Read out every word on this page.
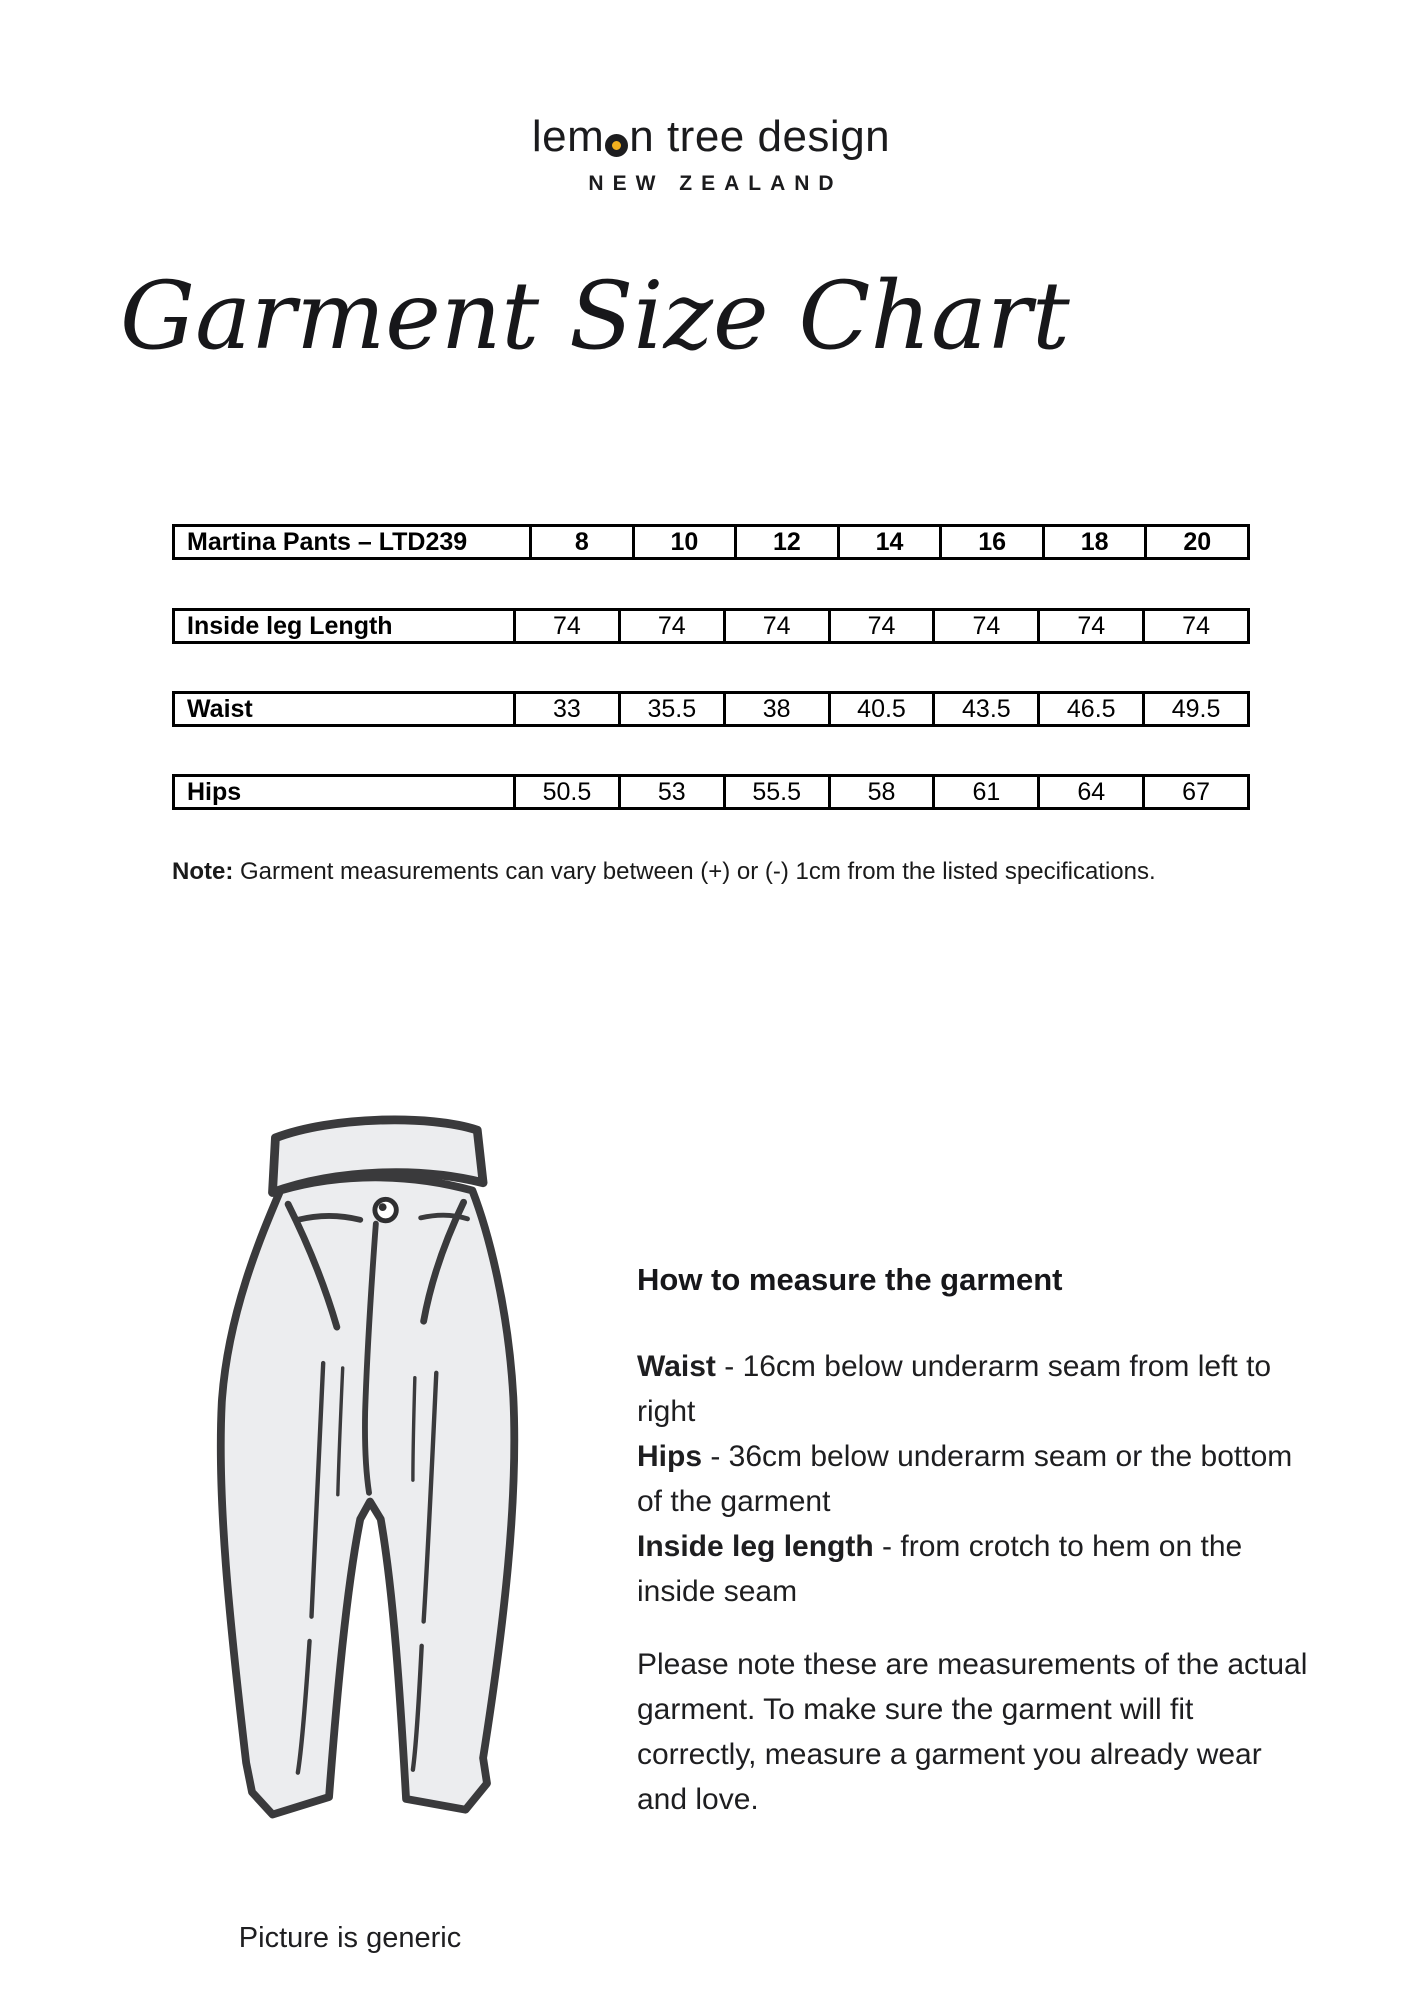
lem n tree design
NEW ZEALAND
Garment Size Chart
Martina Pants – LTD239	8	10	12	14	16	18	20
Inside leg Length	74	74	74	74	74	74	74
Waist	33	35.5	38	40.5	43.5	46.5	49.5
Hips	50.5	53	55.5	58	61	64	67

Note: Garment measurements can vary between (+) or (-) 1cm from the listed specifications.

Picture is generic
How to measure the garment

Waist - 16cm below underarm seam from left to right

Hips - 36cm below underarm seam or the bottom of the garment

Inside leg length - from crotch to hem on the inside seam

Please note these are measurements of the actual garment. To make sure the garment will fit correctly, measure a garment you already wear and love.
